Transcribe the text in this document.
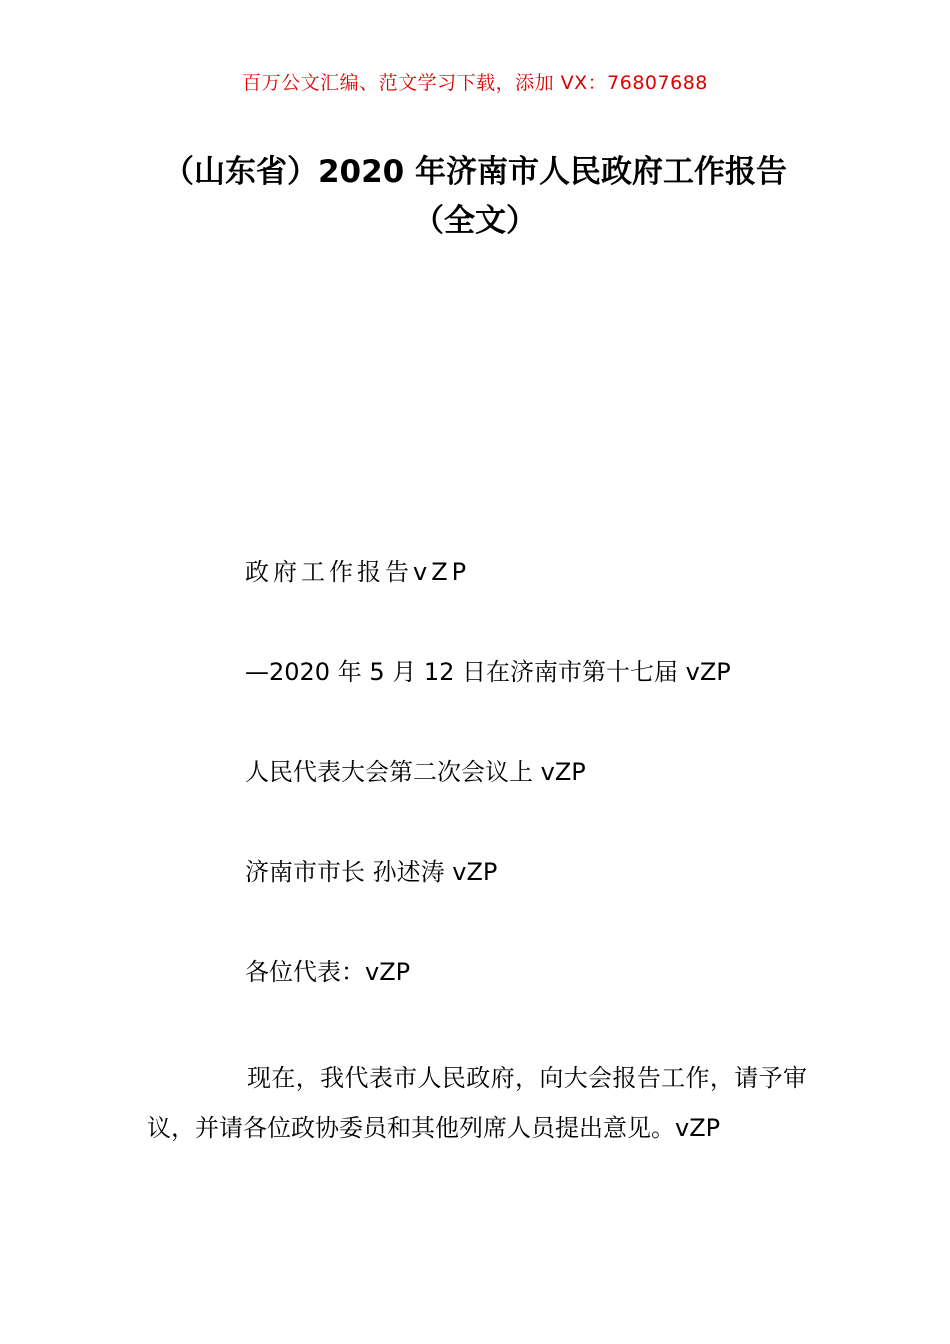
百万公文汇编、范文学习下载，添加 VX：76807688
（山东省）2020 年济南市人民政府工作报告（全文）
政府工作报告vZP
—2020 年 5 月 12 日在济南市第十七届 vZP
人民代表大会第二次会议上 vZP
济南市市长 孙述涛 vZP
各位代表：vZP
现在，我代表市人民政府，向大会报告工作，请予审议，并请各位政协委员和其他列席人员提出意见。vZP
